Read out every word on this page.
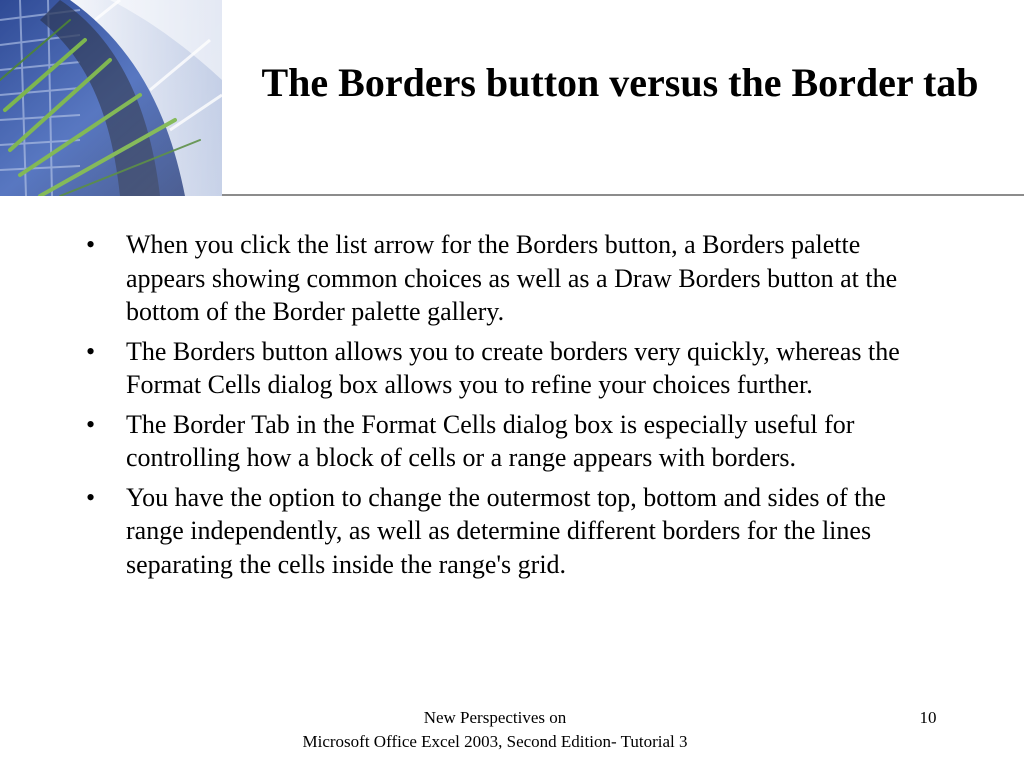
The Borders button versus the Border tab
• When you click the list arrow for the Borders button, a Borders palette appears showing common choices as well as a Draw Borders button at the bottom of the Border palette gallery.
• The Borders button allows you to create borders very quickly, whereas the Format Cells dialog box allows you to refine your choices further.
• The Border Tab in the Format Cells dialog box is especially useful for controlling how a block of cells or a range appears with borders.
• You have the option to change the outermost top, bottom and sides of the range independently, as well as determine different borders for the lines separating the cells inside the range's grid.
New Perspectives on
Microsoft Office Excel 2003, Second Edition- Tutorial 3
10
